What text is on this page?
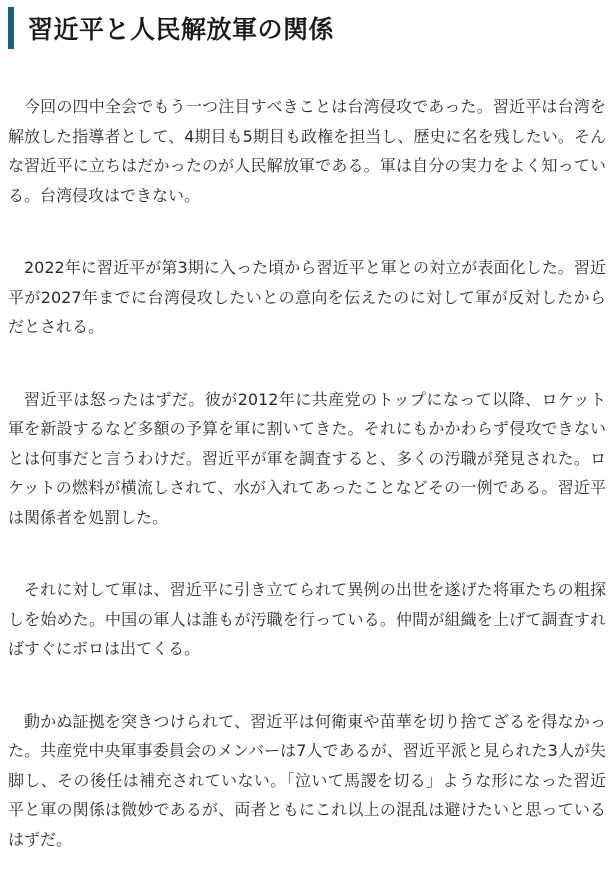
習近平と人民解放軍の関係

今回の四中全会でもう一つ注目すべきことは台湾侵攻であった。習近平は台湾を解放した指導者として、4期目も5期目も政権を担当し、歴史に名を残したい。そんな習近平に立ちはだかったのが人民解放軍である。軍は自分の実力をよく知っている。台湾侵攻はできない。

2022年に習近平が第3期に入った頃から習近平と軍との対立が表面化した。習近平が2027年までに台湾侵攻したいとの意向を伝えたのに対して軍が反対したからだとされる。

習近平は怒ったはずだ。彼が2012年に共産党のトップになって以降、ロケット軍を新設するなど多額の予算を軍に割いてきた。それにもかかわらず侵攻できないとは何事だと言うわけだ。習近平が軍を調査すると、多くの汚職が発見された。ロケットの燃料が横流しされて、水が入れてあったことなどその一例である。習近平は関係者を処罰した。

それに対して軍は、習近平に引き立てられて異例の出世を遂げた将軍たちの粗探しを始めた。中国の軍人は誰もが汚職を行っている。仲間が組織を上げて調査すればすぐにボロは出てくる。

動かぬ証拠を突きつけられて、習近平は何衛東や苗華を切り捨てざるを得なかった。共産党中央軍事委員会のメンバーは7人であるが、習近平派と見られた3人が失脚し、その後任は補充されていない。「泣いて馬謖を切る」ような形になった習近平と軍の関係は微妙であるが、両者ともにこれ以上の混乱は避けたいと思っているはずだ。
